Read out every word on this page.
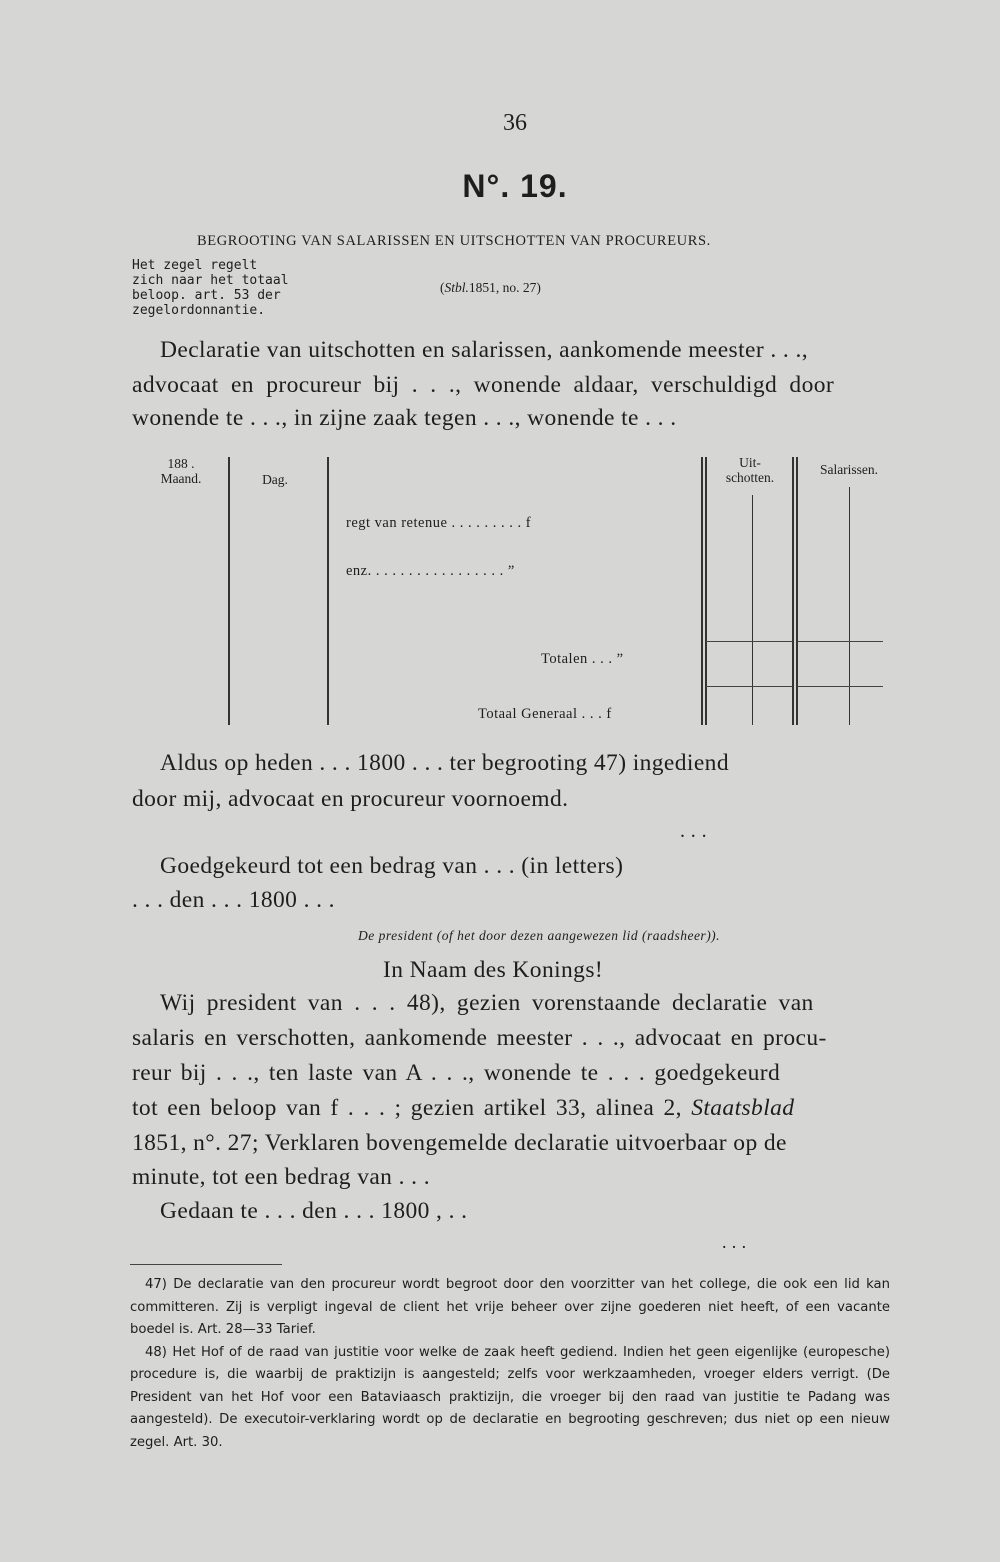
36
N°. 19.
BEGROOTING VAN SALARISSEN EN UITSCHOTTEN VAN PROCUREURS.
Het zegel regelt
zich naar het totaal
beloop. art. 53 der
zegelordonnantie.
(Stbl.1851, no. 27)
Declaratie van uitschotten en salarissen, aankomende meester . . .,
advocaat en procureur bij . . ., wonende aldaar, verschuldigd door
wonende te . . ., in zijne zaak tegen . . ., wonende te . . .
188 .
Maand.	Dag.
Uit-
schotten.
Salarissen.
regt van retenue . . . . . . . . . f
enz. . . . . . . . . . . . . . . . . ”
Totalen . . . ”
Totaal Generaal . . . f
Aldus op heden . . . 1800 . . . ter begrooting 47) ingediend
door mij, advocaat en procureur voornoemd.
. . .
Goedgekeurd tot een bedrag van . . . (in letters)
. . . den . . . 1800 . . .
De president (of het door dezen aangewezen lid (raadsheer)).
In Naam des Konings!
Wij president van . . . 48), gezien vorenstaande declaratie van
salaris en verschotten, aankomende meester . . ., advocaat en procu-
reur bij . . ., ten laste van A . . ., wonende te . . . goedgekeurd
tot een beloop van f . . . ; gezien artikel 33, alinea 2, Staatsblad
1851, n°. 27; Verklaren bovengemelde declaratie uitvoerbaar op de
minute, tot een bedrag van . . .
Gedaan te . . . den . . . 1800 , . .
. . .

47) De declaratie van den procureur wordt begroot door den voorzitter van het college, die ook een lid kan committeren. Zij is verpligt ingeval de client het vrije beheer over zijne goederen niet heeft, of een vacante boedel is. Art. 28—33 Tarief.

48) Het Hof of de raad van justitie voor welke de zaak heeft gediend. Indien het geen eigenlijke (europesche) procedure is, die waarbij de praktizijn is aangesteld; zelfs voor werkzaamheden, vroeger elders verrigt. (De President van het Hof voor een Bataviaasch praktizijn, die vroeger bij den raad van justitie te Padang was aangesteld). De executoir-verklaring wordt op de declaratie en begrooting geschreven; dus niet op een nieuw zegel. Art. 30.
